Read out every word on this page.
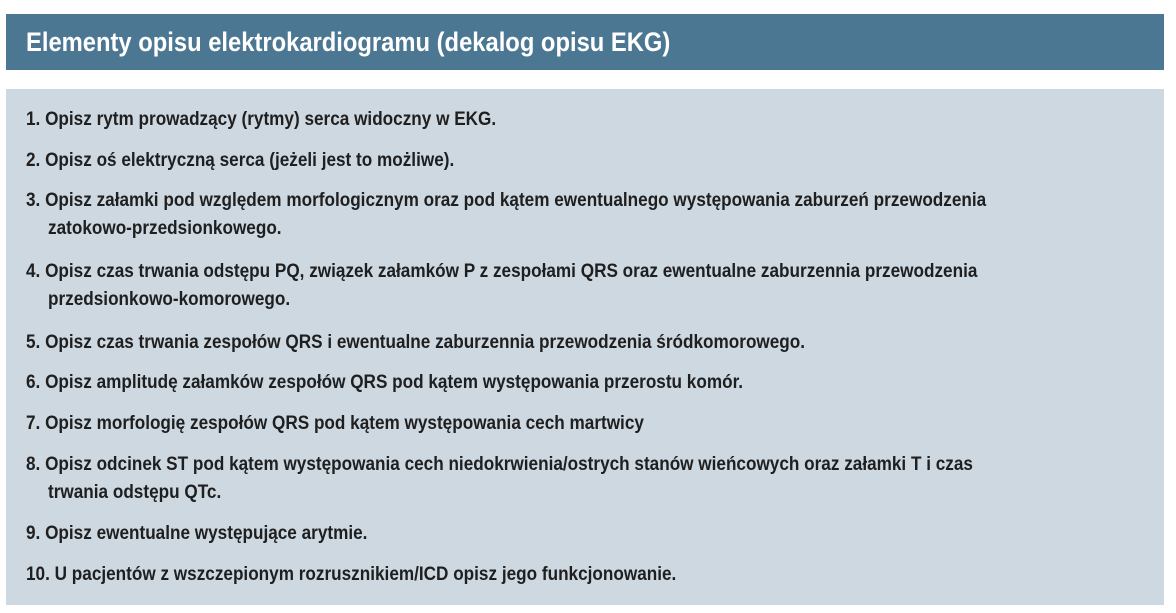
Elementy opisu elektrokardiogramu (dekalog opisu EKG)
1. Opisz rytm prowadzący (rytmy) serca widoczny w EKG.
2. Opisz oś elektryczną serca (jeżeli jest to możliwe).
3. Opisz załamki pod względem morfologicznym oraz pod kątem ewentualnego występowania zaburzeń przewodzenia
zatokowo-przedsionkowego.
4. Opisz czas trwania odstępu PQ, związek załamków P z zespołami QRS oraz ewentualne zaburzennia przewodzenia
przedsionkowo-komorowego.
5. Opisz czas trwania zespołów QRS i ewentualne zaburzennia przewodzenia śródkomorowego.
6. Opisz amplitudę załamków zespołów QRS pod kątem występowania przerostu komór.
7. Opisz morfologię zespołów QRS pod kątem występowania cech martwicy
8. Opisz odcinek ST pod kątem występowania cech niedokrwienia/ostrych stanów wieńcowych oraz załamki T i czas
trwania odstępu QTc.
9. Opisz ewentualne występujące arytmie.
10. U pacjentów z wszczepionym rozrusznikiem/ICD opisz jego funkcjonowanie.
